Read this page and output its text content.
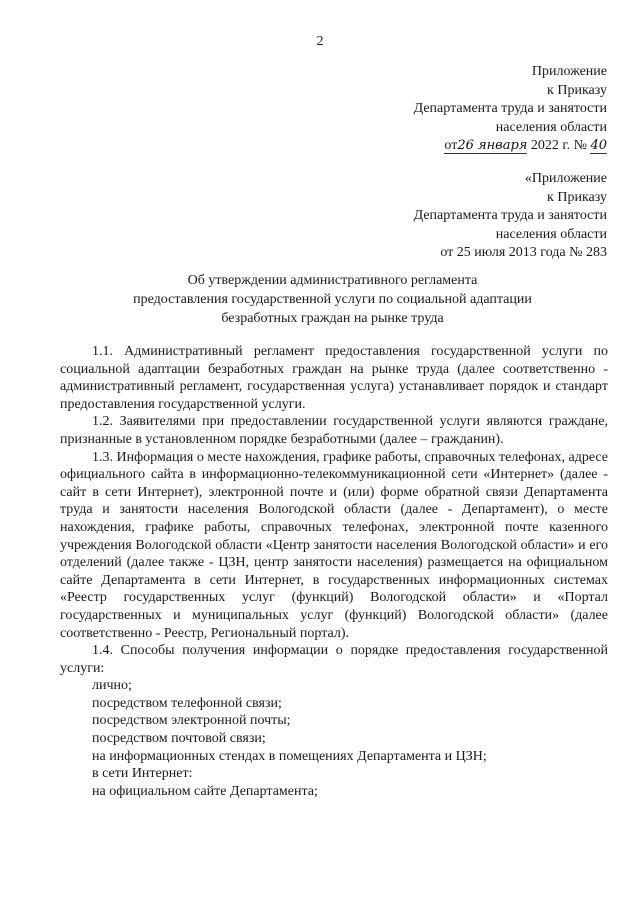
2
Приложение
к Приказу
Департамента труда и занятости
населения области
от26 января 2022 г. № 40
«Приложение
к Приказу
Департамента труда и занятости
населения области
от 25 июля 2013 года № 283
Об утверждении административного регламента
предоставления государственной услуги по социальной адаптации
безработных граждан на рынке труда

1.1. Административный регламент предоставления государственной услуги по социальной адаптации безработных граждан на рынке труда (далее соответственно - административный регламент, государственная услуга) устанавливает порядок и стандарт предоставления государственной услуги.

1.2. Заявителями при предоставлении государственной услуги являются граждане, признанные в установленном порядке безработными (далее – гражданин).

1.3. Информация о месте нахождения, графике работы, справочных телефонах, адресе официального сайта в информационно-телекоммуникационной сети «Интернет» (далее - сайт в сети Интернет), электронной почте и (или) форме обратной связи Департамента труда и занятости населения Вологодской области (далее - Департамент), о месте нахождения, графике работы, справочных телефонах, электронной почте казенного учреждения Вологодской области «Центр занятости населения Вологодской области» и его отделений (далее также - ЦЗН, центр занятости населения) размещается на официальном сайте Департамента в сети Интернет, в государственных информационных системах «Реестр государственных услуг (функций) Вологодской области» и «Портал государственных и муниципальных услуг (функций) Вологодской области» (далее соответственно - Реестр, Региональный портал).

1.4. Способы получения информации о порядке предоставления государственной услуги:

лично;

посредством телефонной связи;

посредством электронной почты;

посредством почтовой связи;

на информационных стендах в помещениях Департамента и ЦЗН;

в сети Интернет:

на официальном сайте Департамента;
